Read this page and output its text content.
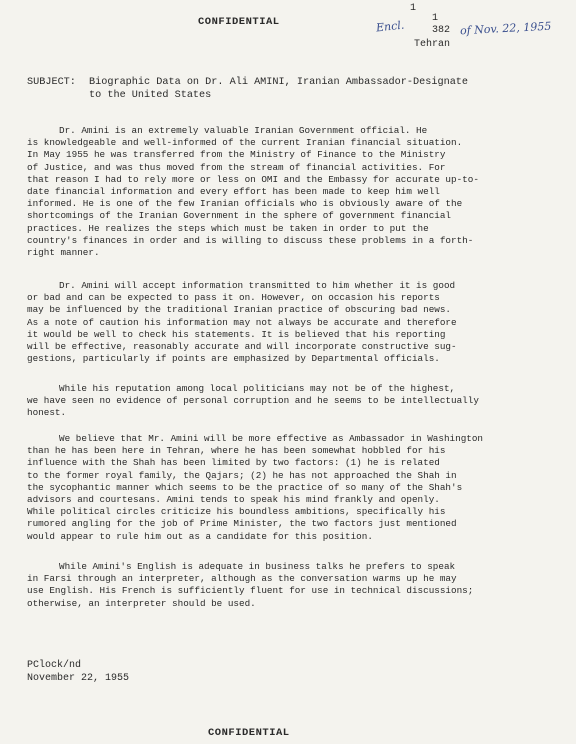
1
CONFIDENTIAL	Encl.
1
382 of Nov. 22, 1955
Tehran
SUBJECT: Biographic Data on Dr. Ali AMINI, Iranian Ambassador-Designate
to the United States
Dr. Amini is an extremely valuable Iranian Government official. He
is knowledgeable and well-informed of the current Iranian financial situation.
In May 1955 he was transferred from the Ministry of Finance to the Ministry
of Justice, and was thus moved from the stream of financial activities. For
that reason I had to rely more or less on OMI and the Embassy for accurate up-to-
date financial information and every effort has been made to keep him well
informed. He is one of the few Iranian officials who is obviously aware of the
shortcomings of the Iranian Government in the sphere of government financial
practices. He realizes the steps which must be taken in order to put the
country's finances in order and is willing to discuss these problems in a forth-
right manner.
Dr. Amini will accept information transmitted to him whether it is good
or bad and can be expected to pass it on. However, on occasion his reports
may be influenced by the traditional Iranian practice of obscuring bad news.
As a note of caution his information may not always be accurate and therefore
it would be well to check his statements. It is believed that his reporting
will be effective, reasonably accurate and will incorporate constructive sug-
gestions, particularly if points are emphasized by Departmental officials.
While his reputation among local politicians may not be of the highest,
we have seen no evidence of personal corruption and he seems to be intellectually
honest.
We believe that Mr. Amini will be more effective as Ambassador in Washington
than he has been here in Tehran, where he has been somewhat hobbled for his
influence with the Shah has been limited by two factors: (1) he is related
to the former royal family, the Qajars; (2) he has not approached the Shah in
the sycophantic manner which seems to be the practice of so many of the Shah's
advisors and courtesans. Amini tends to speak his mind frankly and openly.
While political circles criticize his boundless ambitions, specifically his
rumored angling for the job of Prime Minister, the two factors just mentioned
would appear to rule him out as a candidate for this position.
While Amini's English is adequate in business talks he prefers to speak
in Farsi through an interpreter, although as the conversation warms up he may
use English. His French is sufficiently fluent for use in technical discussions;
otherwise, an interpreter should be used.
PClock/nd
November 22, 1955
CONFIDENTIAL
